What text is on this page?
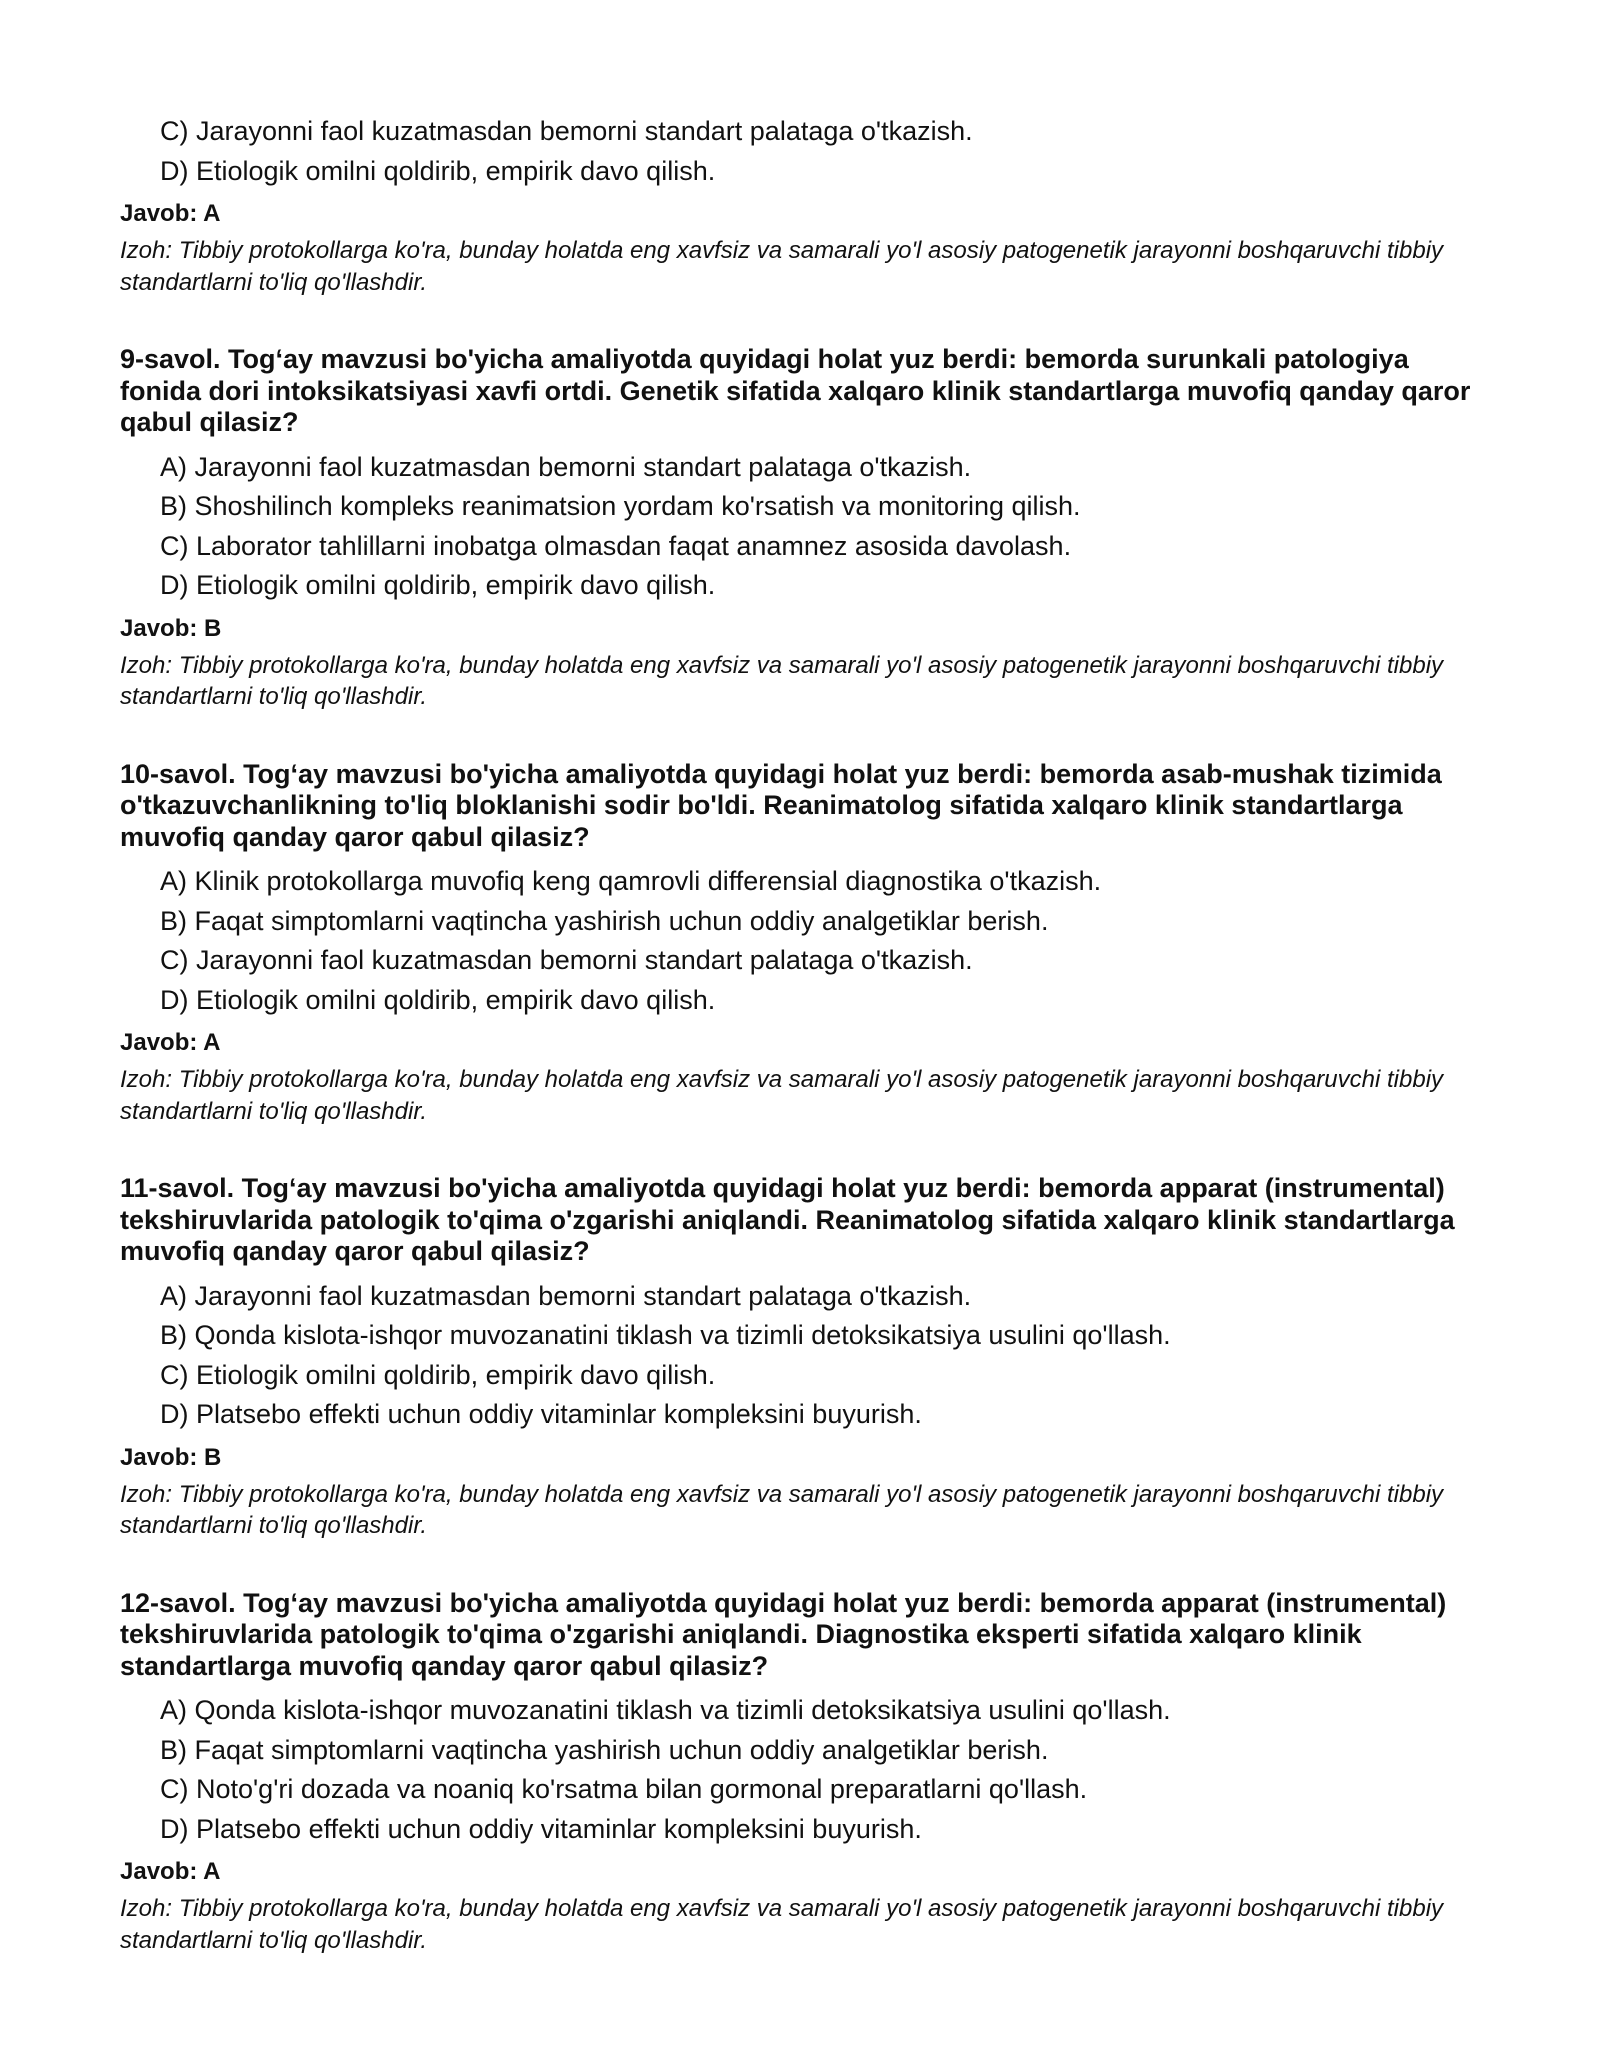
C) Jarayonni faol kuzatmasdan bemorni standart palataga o'tkazish.
D) Etiologik omilni qoldirib, empirik davo qilish.
Javob: A
Izoh: Tibbiy protokollarga ko'ra, bunday holatda eng xavfsiz va samarali yo'l asosiy patogenetik jarayonni boshqaruvchi tibbiy standartlarni to'liq qo'llashdir.
9-savol. Tog‘ay mavzusi bo'yicha amaliyotda quyidagi holat yuz berdi: bemorda surunkali patologiya fonida dori intoksikatsiyasi xavfi ortdi. Genetik sifatida xalqaro klinik standartlarga muvofiq qanday qaror qabul qilasiz?
A) Jarayonni faol kuzatmasdan bemorni standart palataga o'tkazish.
B) Shoshilinch kompleks reanimatsion yordam ko'rsatish va monitoring qilish.
C) Laborator tahlillarni inobatga olmasdan faqat anamnez asosida davolash.
D) Etiologik omilni qoldirib, empirik davo qilish.
Javob: B
Izoh: Tibbiy protokollarga ko'ra, bunday holatda eng xavfsiz va samarali yo'l asosiy patogenetik jarayonni boshqaruvchi tibbiy standartlarni to'liq qo'llashdir.
10-savol. Tog‘ay mavzusi bo'yicha amaliyotda quyidagi holat yuz berdi: bemorda asab-mushak tizimida o'tkazuvchanlikning to'liq bloklanishi sodir bo'ldi. Reanimatolog sifatida xalqaro klinik standartlarga muvofiq qanday qaror qabul qilasiz?
A) Klinik protokollarga muvofiq keng qamrovli differensial diagnostika o'tkazish.
B) Faqat simptomlarni vaqtincha yashirish uchun oddiy analgetiklar berish.
C) Jarayonni faol kuzatmasdan bemorni standart palataga o'tkazish.
D) Etiologik omilni qoldirib, empirik davo qilish.
Javob: A
Izoh: Tibbiy protokollarga ko'ra, bunday holatda eng xavfsiz va samarali yo'l asosiy patogenetik jarayonni boshqaruvchi tibbiy standartlarni to'liq qo'llashdir.
11-savol. Tog‘ay mavzusi bo'yicha amaliyotda quyidagi holat yuz berdi: bemorda apparat (instrumental) tekshiruvlarida patologik to'qima o'zgarishi aniqlandi. Reanimatolog sifatida xalqaro klinik standartlarga muvofiq qanday qaror qabul qilasiz?
A) Jarayonni faol kuzatmasdan bemorni standart palataga o'tkazish.
B) Qonda kislota-ishqor muvozanatini tiklash va tizimli detoksikatsiya usulini qo'llash.
C) Etiologik omilni qoldirib, empirik davo qilish.
D) Platsebo effekti uchun oddiy vitaminlar kompleksini buyurish.
Javob: B
Izoh: Tibbiy protokollarga ko'ra, bunday holatda eng xavfsiz va samarali yo'l asosiy patogenetik jarayonni boshqaruvchi tibbiy standartlarni to'liq qo'llashdir.
12-savol. Tog‘ay mavzusi bo'yicha amaliyotda quyidagi holat yuz berdi: bemorda apparat (instrumental) tekshiruvlarida patologik to'qima o'zgarishi aniqlandi. Diagnostika eksperti sifatida xalqaro klinik standartlarga muvofiq qanday qaror qabul qilasiz?
A) Qonda kislota-ishqor muvozanatini tiklash va tizimli detoksikatsiya usulini qo'llash.
B) Faqat simptomlarni vaqtincha yashirish uchun oddiy analgetiklar berish.
C) Noto'g'ri dozada va noaniq ko'rsatma bilan gormonal preparatlarni qo'llash.
D) Platsebo effekti uchun oddiy vitaminlar kompleksini buyurish.
Javob: A
Izoh: Tibbiy protokollarga ko'ra, bunday holatda eng xavfsiz va samarali yo'l asosiy patogenetik jarayonni boshqaruvchi tibbiy standartlarni to'liq qo'llashdir.
